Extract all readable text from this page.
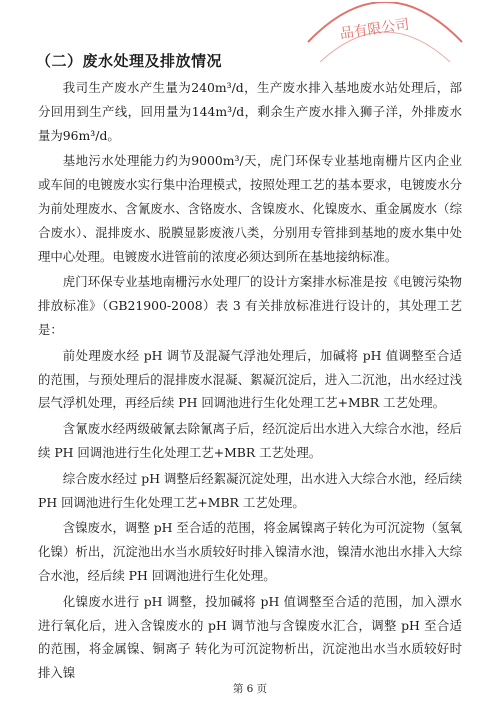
品有限公司
（二）废水处理及排放情况

我司生产废水产生量为240m³/d，生产废水排入基地废水站处理后，部分回用到生产线，回用量为144m³/d，剩余生产废水排入狮子洋，外排废水量为96m³/d。

基地污水处理能力约为9000m³/天，虎门环保专业基地南栅片区内企业或车间的电镀废水实行集中治理模式，按照处理工艺的基本要求，电镀废水分为前处理废水、含氰废水、含铬废水、含镍废水、化镍废水、重金属废水（综合废水）、混排废水、脱膜显影废液八类，分别用专管排到基地的废水集中处理中心处理。电镀废水进管前的浓度必须达到所在基地接纳标准。

虎门环保专业基地南栅污水处理厂的设计方案排水标准是按《电镀污染物排放标准》（GB21900-2008）表 3 有关排放标准进行设计的，其处理工艺是：

前处理废水经 pH 调节及混凝气浮池处理后，加碱将 pH 值调整至合适的范围，与预处理后的混排废水混凝、絮凝沉淀后，进入二沉池，出水经过浅层气浮机处理，再经后续 PH 回调池进行生化处理工艺+MBR 工艺处理。

含氰废水经两级破氰去除氰离子后，经沉淀后出水进入大综合水池，经后续 PH 回调池进行生化处理工艺+MBR 工艺处理。

综合废水经过 pH 调整后经絮凝沉淀处理，出水进入大综合水池，经后续 PH 回调池进行生化处理工艺+MBR 工艺处理。

含镍废水，调整 pH 至合适的范围，将金属镍离子转化为可沉淀物（氢氧化镍）析出，沉淀池出水当水质较好时排入镍清水池，镍清水池出水排入大综合水池，经后续 PH 回调池进行生化处理。

化镍废水进行 pH 调整，投加碱将 pH 值调整至合适的范围，加入漂水进行氧化后，进入含镍废水的 pH 调节池与含镍废水汇合，调整 pH 至合适的范围，将金属镍、铜离子 转化为可沉淀物析出，沉淀池出水当水质较好时排入镍

第 6 页
